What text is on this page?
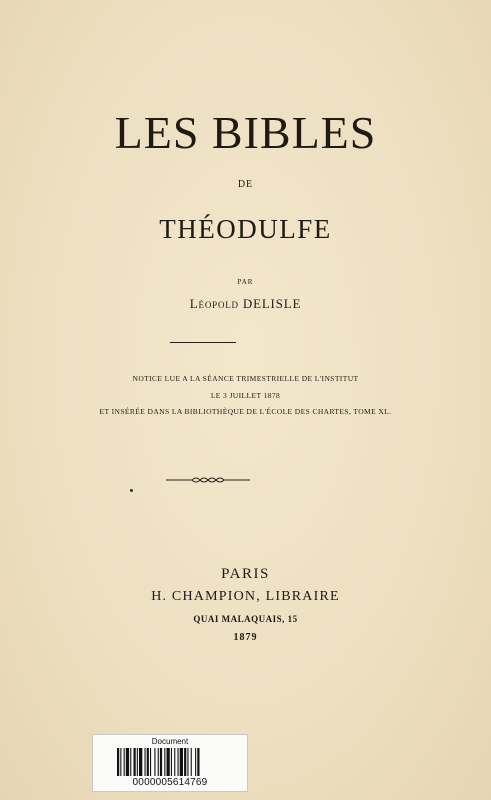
LES BIBLES
DE
THÉODULFE
PAR
Léopold DELISLE
NOTICE LUE A LA SÉANCE TRIMESTRIELLE DE L'INSTITUT
LE 3 JUILLET 1878
ET INSÉRÉE DANS LA BIBLIOTHÈQUE DE L'ÉCOLE DES CHARTES, TOME XL.
PARIS
H. CHAMPION, LIBRAIRE
QUAI MALAQUAIS, 15
1879
Document
0000005614769
